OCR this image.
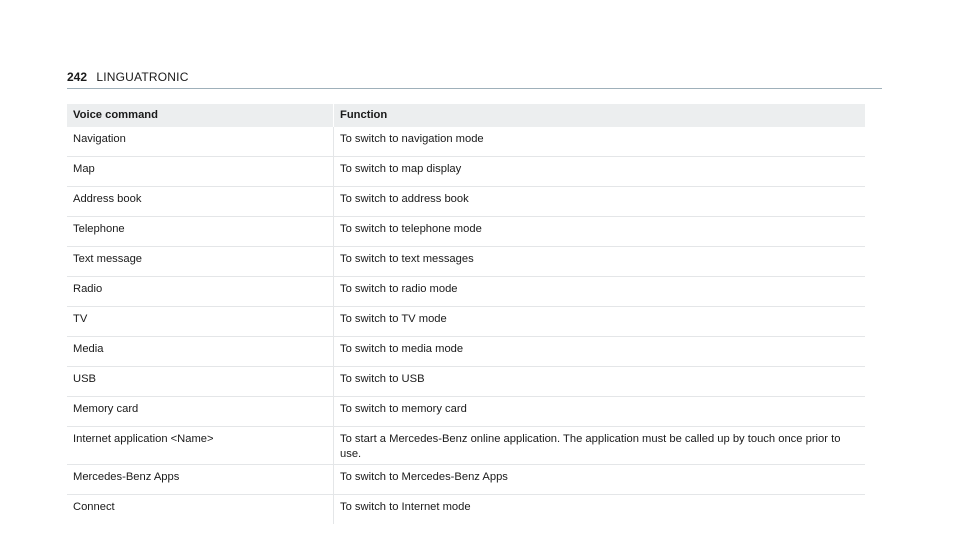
242 LINGUATRONIC
Voice command	Function
Navigation	To switch to navigation mode
Map	To switch to map display
Address book	To switch to address book
Telephone	To switch to telephone mode
Text message	To switch to text messages
Radio	To switch to radio mode
TV	To switch to TV mode
Media	To switch to media mode
USB	To switch to USB
Memory card	To switch to memory card
Internet application <Name>	To start a Mercedes-Benz online application. The application must be called up by touch once prior to use.
Mercedes-Benz Apps	To switch to Mercedes-Benz Apps
Connect	To switch to Internet mode
